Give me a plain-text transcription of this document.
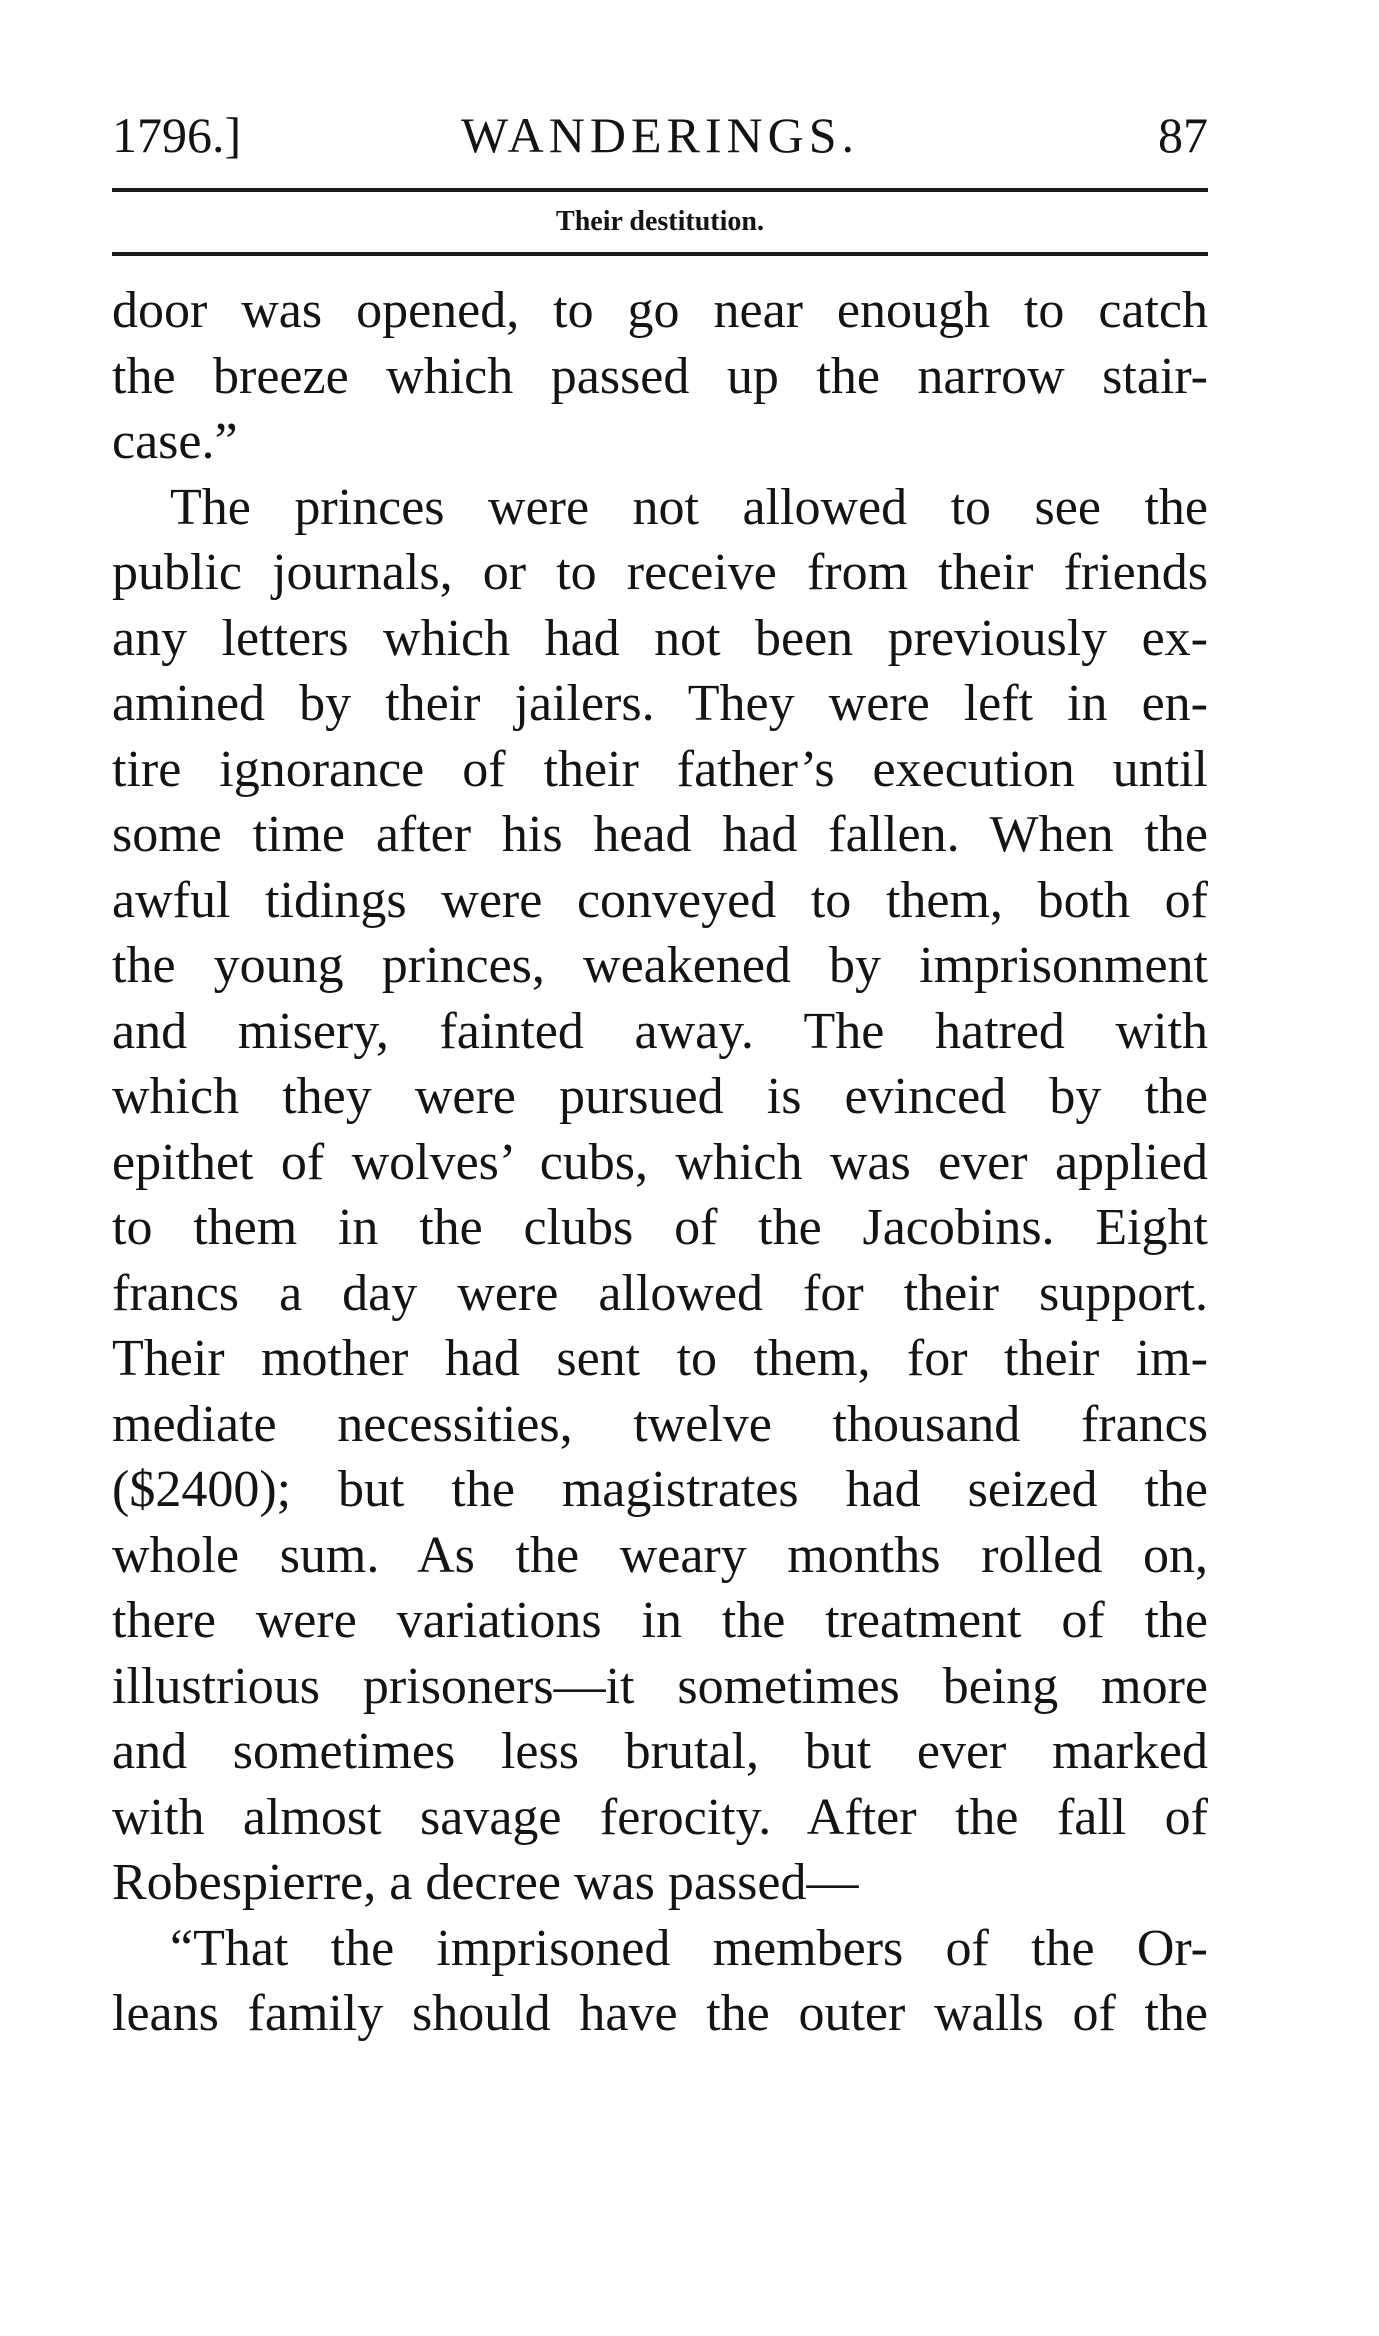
1796.]	WANDERINGS.	87
Their destitution.
door was opened, to go near enough to catch
the breeze which passed up the narrow stair-
case.”
The princes were not allowed to see the
public journals, or to receive from their friends
any letters which had not been previously ex-
amined by their jailers. They were left in en-
tire ignorance of their father’s execution until
some time after his head had fallen. When the
awful tidings were conveyed to them, both of
the young princes, weakened by imprisonment
and misery, fainted away. The hatred with
which they were pursued is evinced by the
epithet of wolves’ cubs, which was ever applied
to them in the clubs of the Jacobins. Eight
francs a day were allowed for their support.
Their mother had sent to them, for their im-
mediate necessities, twelve thousand francs
($2400); but the magistrates had seized the
whole sum. As the weary months rolled on,
there were variations in the treatment of the
illustrious prisoners—it sometimes being more
and sometimes less brutal, but ever marked
with almost savage ferocity. After the fall of
Robespierre, a decree was passed—
“That the imprisoned members of the Or-
leans family should have the outer walls of the
